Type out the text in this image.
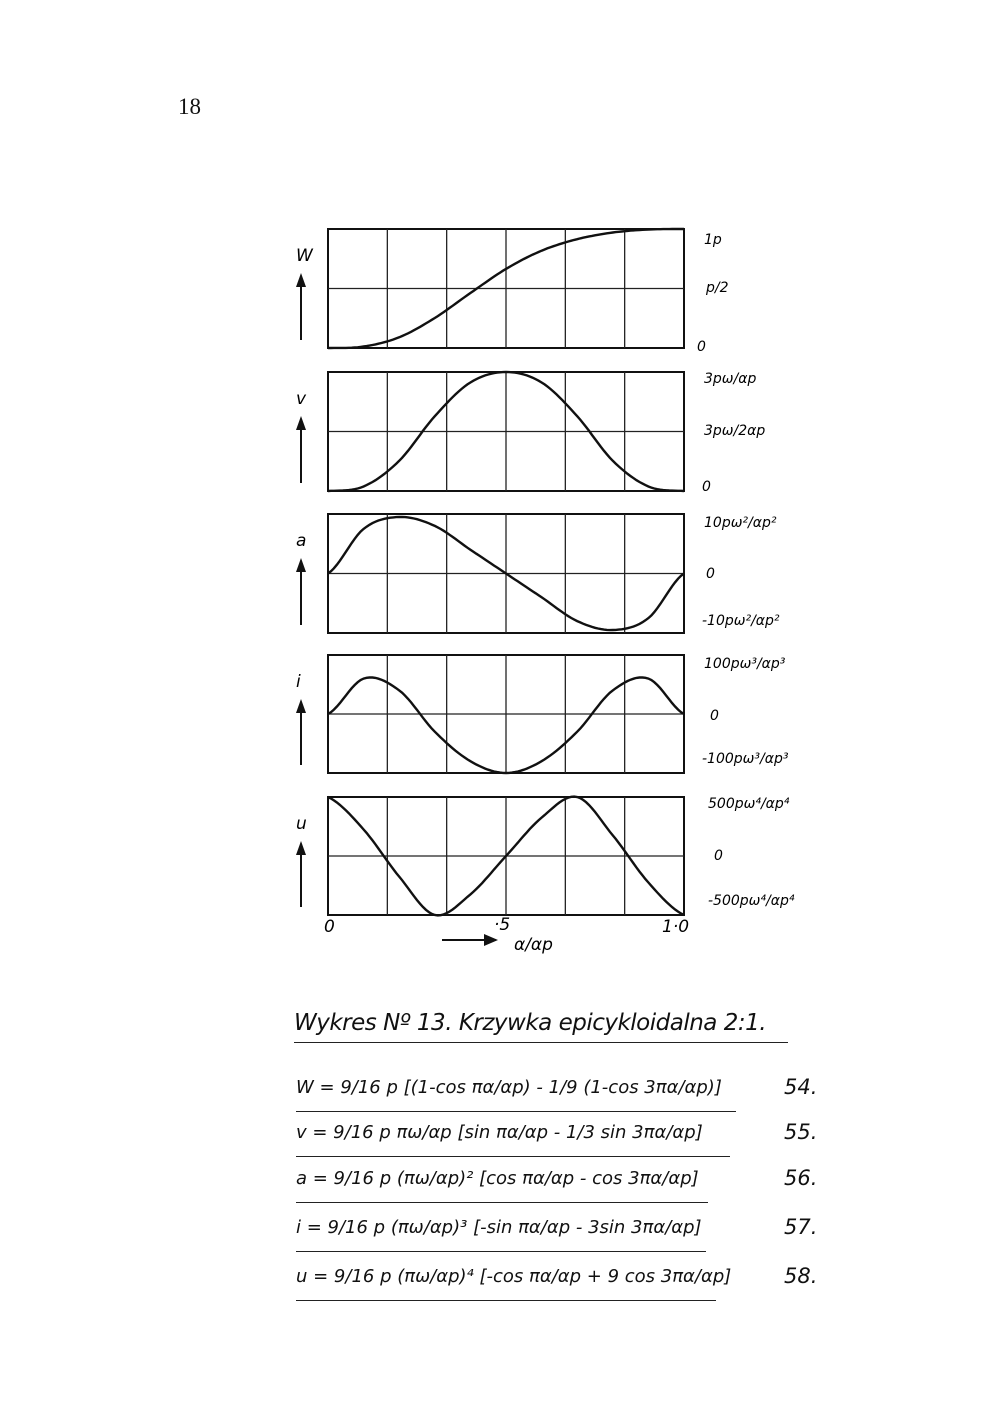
18
W
1p
p/2
0
v
3pω/αp
3pω/2αp
0
a
10pω²/αp²
0
-10pω²/αp²
i
100pω³/αp³
0
-100pω³/αp³
u
500pω⁴/αp⁴
0
-500pω⁴/αp⁴
0	·5	1·0
α/αp
Wykres Nº 13. Krzywka epicykloidalna 2:1.
W = 9/16 p [(1-cos πα/αp) - 1/9 (1-cos 3πα/αp)]	54.
v = 9/16 p πω/αp [sin πα/αp - 1/3 sin 3πα/αp]	55.
a = 9/16 p (πω/αp)² [cos πα/αp - cos 3πα/αp]	56.
i = 9/16 p (πω/αp)³ [-sin πα/αp - 3sin 3πα/αp]	57.
u = 9/16 p (πω/αp)⁴ [-cos πα/αp + 9 cos 3πα/αp]	58.
